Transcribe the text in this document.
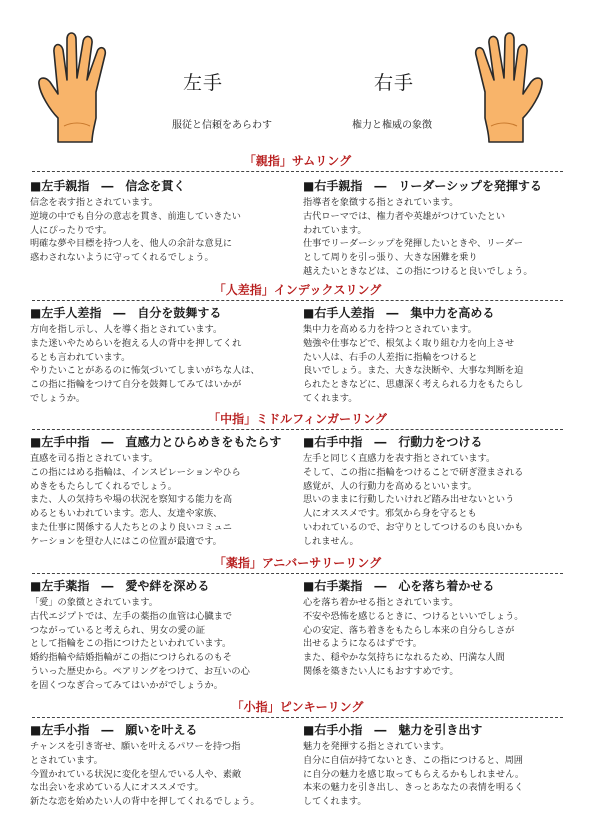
左手	右手
服従と信頼をあらわす	権力と権威の象徴
「親指」サムリング
■左手親指　―　信念を貫く
信念を表す指とされています。
逆境の中でも自分の意志を貫き、前進していきたい
人にぴったりです。
明確な夢や目標を持つ人を、他人の余計な意見に
惑わされないように守ってくれるでしょう。
■右手親指　―　リーダーシップを発揮する
指導者を象徴する指とされています。
古代ローマでは、権力者や英雄がつけていたとい
われています。
仕事でリーダーシップを発揮したいときや、リーダー
として周りを引っ張り、大きな困難を乗り
越えたいときなどは、この指につけると良いでしょう。
「人差指」インデックスリング
■左手人差指　―　自分を鼓舞する
方向を指し示し、人を導く指とされています。
また迷いやためらいを抱える人の背中を押してくれ
るとも言われています。
やりたいことがあるのに怖気づいてしまいがちな人は、
この指に指輪をつけて自分を鼓舞してみてはいかが
でしょうか。
■右手人差指　―　集中力を高める
集中力を高める力を持つとされています。
勉強や仕事などで、根気よく取り組む力を向上させ
たい人は、右手の人差指に指輪をつけると
良いでしょう。また、大きな決断や、大事な判断を迫
られたときなどに、思慮深く考えられる力をもたらし
てくれます。
「中指」ミドルフィンガーリング
■左手中指　―　直感力とひらめきをもたらす
直感を司る指とされています。
この指にはめる指輪は、インスピレーションやひら
めきをもたらしてくれるでしょう。
また、人の気持ちや場の状況を察知する能力を高
めるともいわれています。恋人、友達や家族、
また仕事に関係する人たちとのより良いコミュニ
ケーションを望む人にはこの位置が最適です。
■右手中指　―　行動力をつける
左手と同じく直感力を表す指とされています。
そして、この指に指輪をつけることで研ぎ澄まされる
感覚が、人の行動力を高めるといいます。
思いのままに行動したいけれど踏み出せないという
人にオススメです。邪気から身を守るとも
いわれているので、お守りとしてつけるのも良いかも
しれません。
「薬指」アニバーサリーリング
■左手薬指　―　愛や絆を深める
「愛」の象徴とされています。
古代エジプトでは、左手の薬指の血管は心臓まで
つながっていると考えられ、男女の愛の証
として指輪をこの指につけたといわれています。
婚約指輪や結婚指輪がこの指につけられるのもそ
ういった歴史から。ペアリングをつけて、お互いの心
を固くつなぎ合ってみてはいかがでしょうか。
■右手薬指　―　心を落ち着かせる
心を落ち着かせる指とされています。
不安や恐怖を感じるときに、つけるといいでしょう。
心の安定、落ち着きをもたらし本来の自分らしさが
出せるようになるはずです。
また、穏やかな気持ちになれるため、円満な人間
関係を築きたい人にもおすすめです。
「小指」ピンキーリング
■左手小指　―　願いを叶える
チャンスを引き寄せ、願いを叶えるパワーを持つ指
とされています。
今置かれている状況に変化を望んでいる人や、素敵
な出会いを求めている人にオススメです。
新たな恋を始めたい人の背中を押してくれるでしょう。
■右手小指　―　魅力を引き出す
魅力を発揮する指とされています。
自分に自信が持てないとき、この指につけると、周囲
に自分の魅力を感じ取ってもらえるかもしれません。
本来の魅力を引き出し、きっとあなたの表情を明るく
してくれます。
